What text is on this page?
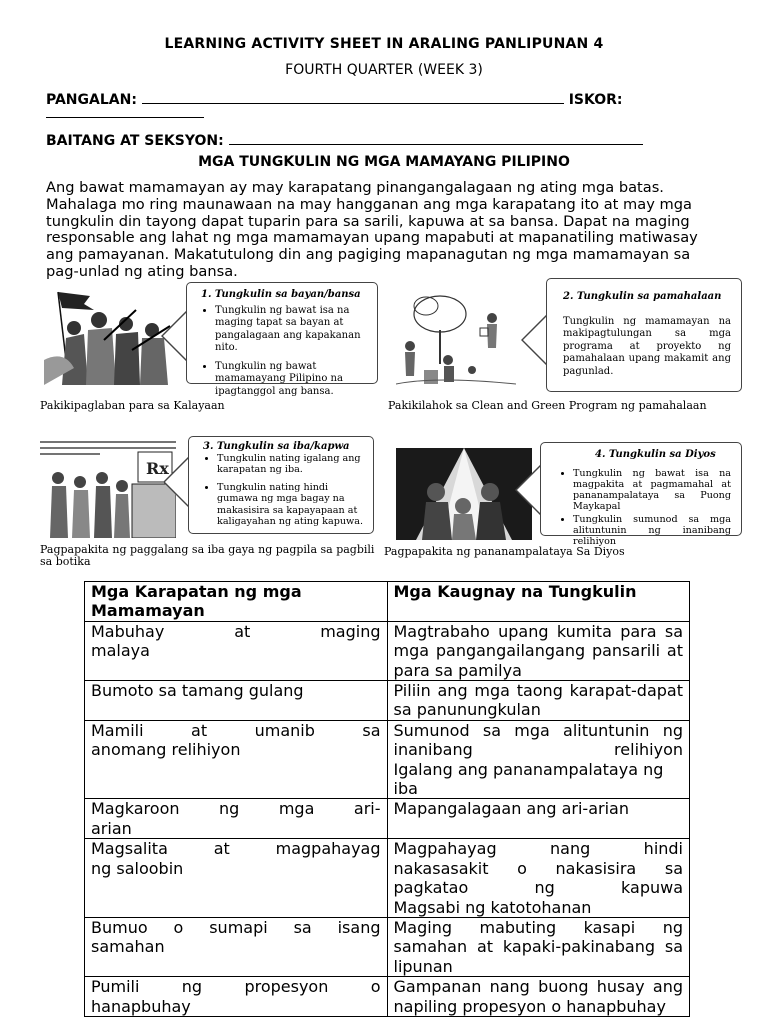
LEARNING ACTIVITY SHEET IN ARALING PANLIPUNAN 4
FOURTH QUARTER (WEEK 3)
PANGALAN:	ISKOR:
BAITANG AT SEKSYON:
MGA TUNGKULIN NG MGA MAMAYANG PILIPINO
Ang bawat mamamayan ay may karapatang pinangangalagaan ng ating mga batas.
Mahalaga mo ring maunawaan na may hangganan ang mga karapatang ito at may mga
tungkulin din tayong dapat tuparin para sa sarili, kapuwa at sa bansa. Dapat na maging
responsable ang lahat ng mga mamamayan upang mapabuti at mapanatiling matiwasay
ang pamayanan. Makatutulong din ang pagiging mapanagutan ng mga mamamayan sa
pag-unlad ng ating bansa.
1. Tungkulin sa bayan/bansa
• Tungkulin ng bawat isa na maging tapat sa bayan at pangalagaan ang kapakanan nito.
• Tungkulin ng bawat mamamayang Pilipino na ipagtanggol ang bansa.
Pakikipaglaban para sa Kalayaan
2. Tungkulin sa pamahalaan

Tungkulin ng mamamayan na makipagtulungan sa mga programa at proyekto ng pamahalaan upang makamit ang pagunlad.

Pakikilahok sa Clean and Green Program ng pamahalaan
Rx
3. Tungkulin sa iba/kapwa
• Tungkulin nating igalang ang karapatan ng iba.
• Tungkulin nating hindi gumawa ng mga bagay na makasisira sa kapayapaan at kaligayahan ng ating kapuwa.
Pagpapakita ng paggalang sa iba gaya ng pagpila sa pagbili sa botika
4. Tungkulin sa Diyos
• Tungkulin ng bawat isa na magpakita at pagmamahal at pananampalataya sa Puong Maykapal
• Tungkulin sumunod sa mga alituntunin ng inanibang relihiyon
Pagpapakita ng pananampalataya Sa Diyos
Mga Karapatan ng mga Mamamayan	Mga Kaugnay na Tungkulin

Mabuhay at maging
malaya	Magtrabaho upang kumita para sa
mga pangangailangang pansarili at
para sa pamilya

Bumoto sa tamang gulang	Piliin ang mga taong karapat-dapat
sa panunungkulan

Mamili at umanib sa
anomang relihiyon	Sumunod sa mga alituntunin ng
inanibang relihiyon
Igalang ang pananampalataya ng iba

Magkaroon ng mga ari-
arian	Mapangalagaan ang ari-arian

Magsalita at magpahayag
ng saloobin	Magpahayag nang hindi
nakasasakit o nakasisira sa
pagkatao ng kapuwa
Magsabi ng katotohanan

Bumuo o sumapi sa isang
samahan	Maging mabuting kasapi ng
samahan at kapaki-pakinabang sa
lipunan

Pumili ng propesyon o
hanapbuhay	Gampanan nang buong husay ang
napiling propesyon o hanapbuhay
